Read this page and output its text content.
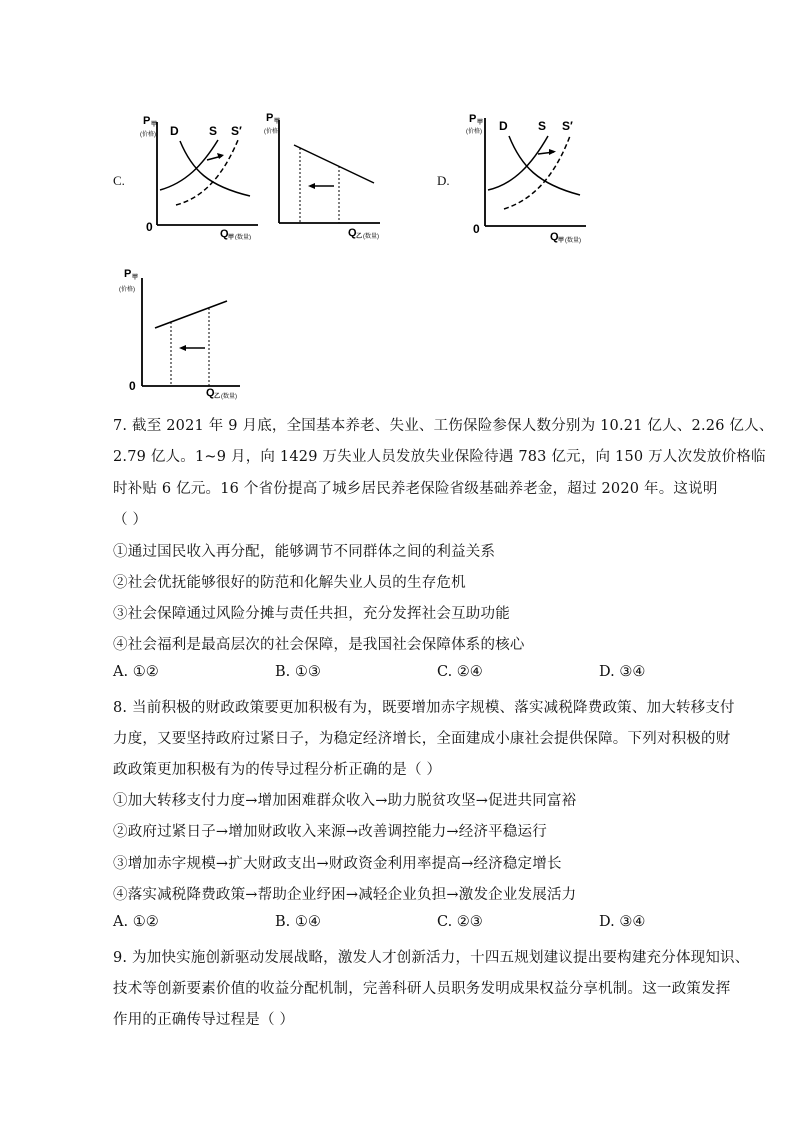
C.	D.
P 甲
(价格)
0
D	S S′
Q 甲 (数量)
P 甲
(价格)
Q 乙 (数量)
P 甲
(价格)
0
D	S S′
Q 甲 (数量)
P 甲
(价格)
0	Q 乙 (数量)
7. 截至 2021 年 9 月底，全国基本养老、失业、工伤保险参保人数分别为 10.21 亿人、2.26 亿人、
2.79 亿人。1~9 月，向 1429 万失业人员发放失业保险待遇 783 亿元，向 150 万人次发放价格临
时补贴 6 亿元。16 个省份提高了城乡居民养老保险省级基础养老金，超过 2020 年。这说明
（ ）
①通过国民收入再分配，能够调节不同群体之间的利益关系
②社会优抚能够很好的防范和化解失业人员的生存危机
③社会保障通过风险分摊与责任共担，充分发挥社会互助功能
④社会福利是最高层次的社会保障，是我国社会保障体系的核心
A. ①②	B. ①③	C. ②④	D. ③④
8. 当前积极的财政政策要更加积极有为，既要增加赤字规模、落实减税降费政策、加大转移支付
力度，又要坚持政府过紧日子，为稳定经济增长，全面建成小康社会提供保障。下列对积极的财
政政策更加积极有为的传导过程分析正确的是（ ）
①加大转移支付力度→增加困难群众收入→助力脱贫攻坚→促进共同富裕
②政府过紧日子→增加财政收入来源→改善调控能力→经济平稳运行
③增加赤字规模→扩大财政支出→财政资金利用率提高→经济稳定增长
④落实减税降费政策→帮助企业纾困→减轻企业负担→激发企业发展活力
A. ①②	B. ①④	C. ②③	D. ③④
9. 为加快实施创新驱动发展战略，激发人才创新活力，十四五规划建议提出要构建充分体现知识、
技术等创新要素价值的收益分配机制，完善科研人员职务发明成果权益分享机制。这一政策发挥
作用的正确传导过程是（ ）
